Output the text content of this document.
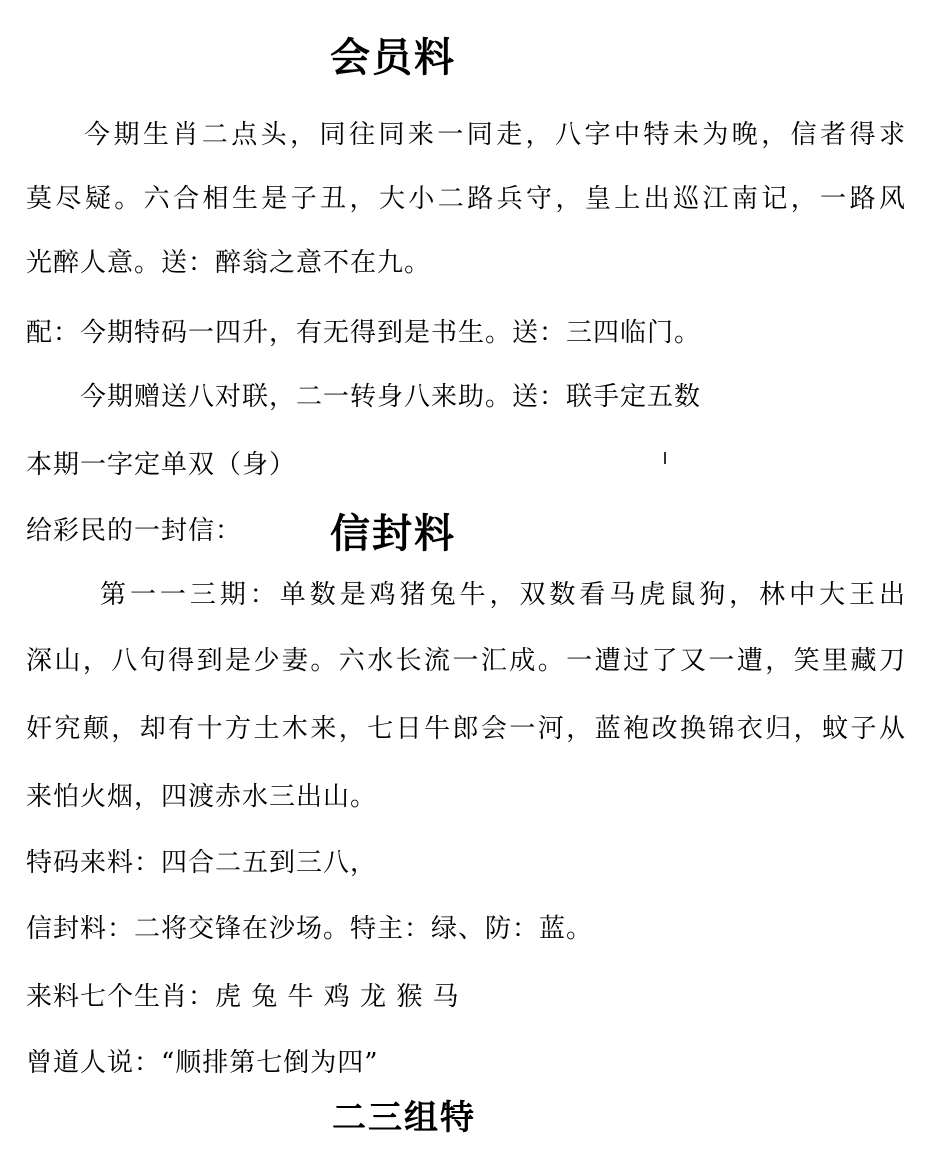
会员料
今期生肖二点头，同往同来一同走，八字中特未为晚，信者得求
莫尽疑。六合相生是子丑，大小二路兵守，皇上出巡江南记，一路风
光醉人意。送：醉翁之意不在九。
配：今期特码一四升，有无得到是书生。送：三四临门。
今期赠送八对联，二一转身八来助。送：联手定五数
本期一字定单双（身）
给彩民的一封信： 信封料
第一一三期：单数是鸡猪兔牛，双数看马虎鼠狗，林中大王出
深山，八句得到是少妻。六水长流一汇成。一遭过了又一遭，笑里藏刀
奸究颠，却有十方土木来，七日牛郎会一河，蓝袍改换锦衣归，蚊子从
来怕火烟，四渡赤水三出山。
特码来料：四合二五到三八，
信封料：二将交锋在沙场。特主：绿、防：蓝。
来料七个生肖：虎 兔 牛 鸡 龙 猴 马
曾道人说：“顺排第七倒为四”
二三组特
